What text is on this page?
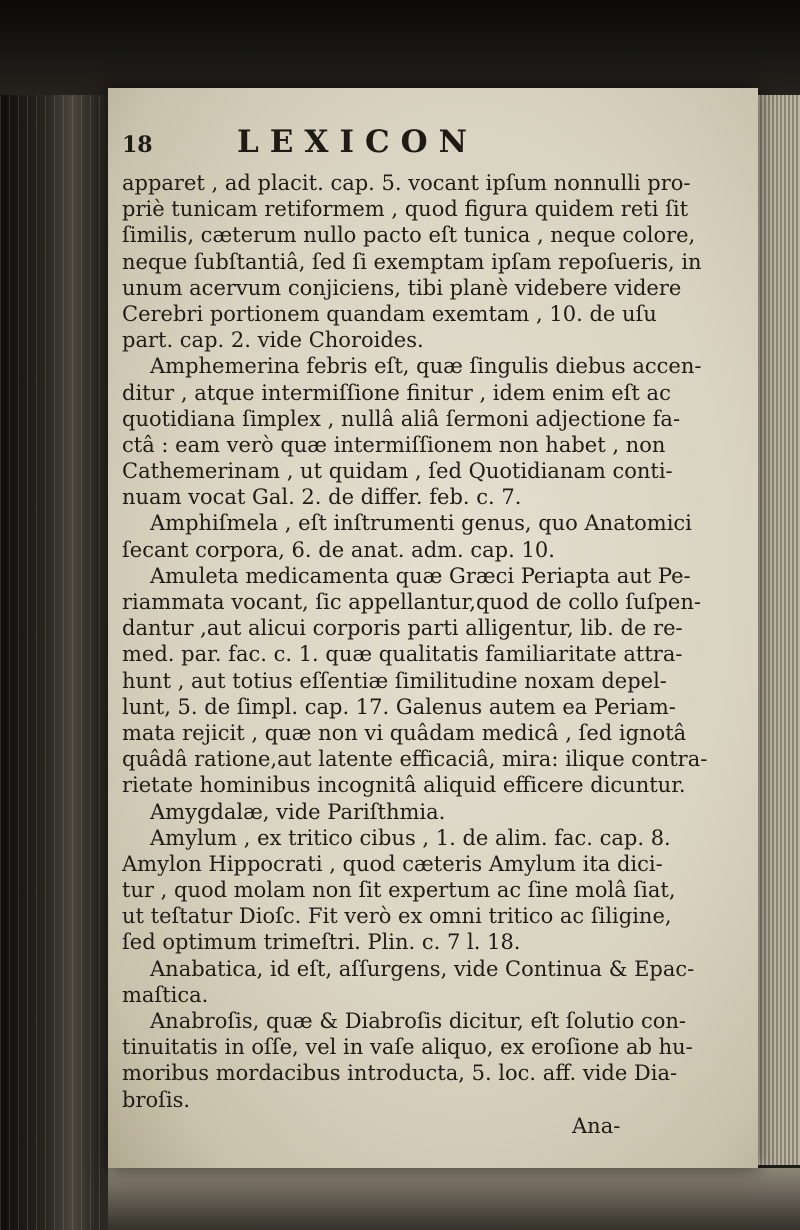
18	LEXICON
apparet , ad placit. cap. 5. vocant ipſum nonnulli pro-
priè tunicam retiformem , quod figura quidem reti ſit
ſimilis, cæterum nullo pacto eſt tunica , neque colore,
neque ſubſtantiâ, ſed ſi exemptam ipſam repoſueris, in
unum acervum conjiciens, tibi planè videbere videre
Cerebri portionem quandam exemtam , 10. de uſu
part. cap. 2. vide Choroides.
Amphemerina febris eſt, quæ ſingulis diebus accen-
ditur , atque intermiſſione finitur , idem enim eſt ac
quotidiana ſimplex , nullâ aliâ ſermoni adjectione fa-
ctâ : eam verò quæ intermiſſionem non habet , non
Cathemerinam , ut quidam , ſed Quotidianam conti-
nuam vocat Gal. 2. de differ. feb. c. 7.
Amphiſmela , eſt inſtrumenti genus, quo Anatomici
ſecant corpora, 6. de anat. adm. cap. 10.
Amuleta medicamenta quæ Græci Periapta aut Pe-
riammata vocant, ſic appellantur,quod de collo ſuſpen-
dantur ,aut alicui corporis parti alligentur, lib. de re-
med. par. fac. c. 1. quæ qualitatis familiaritate attra-
hunt , aut totius eſſentiæ ſimilitudine noxam depel-
lunt, 5. de ſimpl. cap. 17. Galenus autem ea Periam-
mata rejicit , quæ non vi quâdam medicâ , ſed ignotâ
quâdâ ratione,aut latente efficaciâ, mira: ilique contra-
rietate hominibus incognitâ aliquid efficere dicuntur.
Amygdalæ, vide Pariſthmia.
Amylum , ex tritico cibus , 1. de alim. fac. cap. 8.
Amylon Hippocrati , quod cæteris Amylum ita dici-
tur , quod molam non ſit expertum ac ſine molâ ſiat,
ut teſtatur Dioſc. Fit verò ex omni tritico ac ſiligine,
ſed optimum trimeſtri. Plin. c. 7 l. 18.
Anabatica, id eſt, aſſurgens, vide Continua & Epac-
maſtica.
Anabroſis, quæ & Diabroſis dicitur, eſt ſolutio con-
tinuitatis in oſſe, vel in vaſe aliquo, ex eroſione ab hu-
moribus mordacibus introducta, 5. loc. aff. vide Dia-
broſis.
Ana-
